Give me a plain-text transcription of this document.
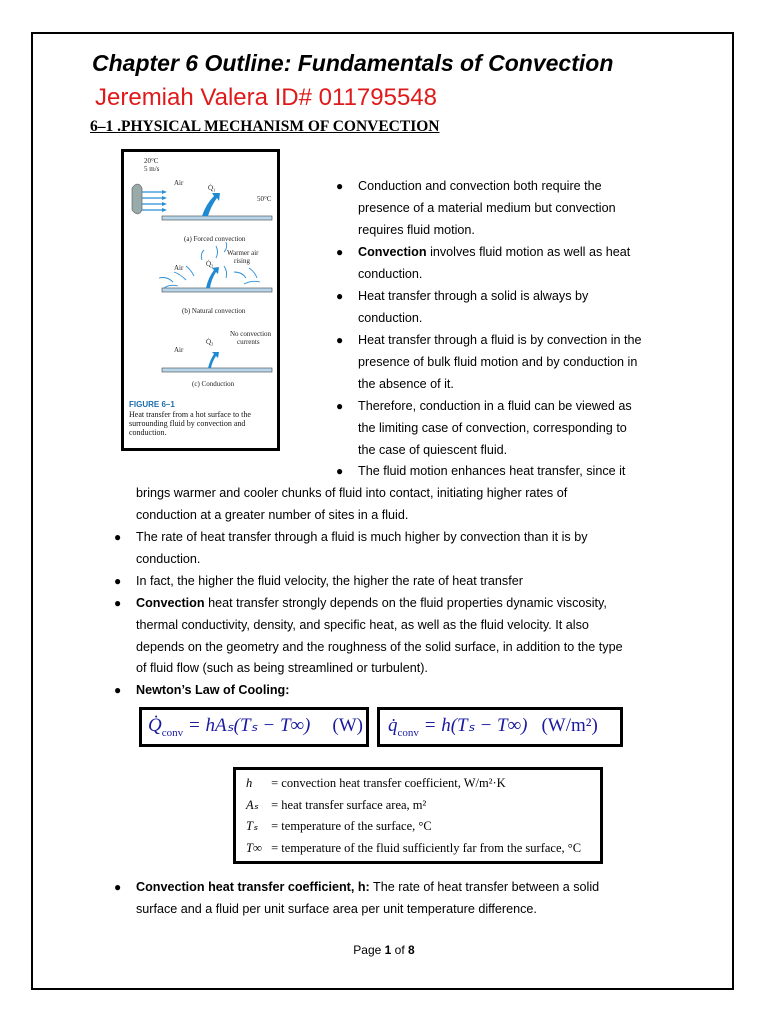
Chapter 6 Outline: Fundamentals of Convection
Jeremiah Valera ID# 011795548
6–1 .PHYSICAL MECHANISM OF CONVECTION
20°C
5 m/s
Air
Q̇₁
50°C
(a) Forced convection
Warmer air
rising
Air	Q̇₂
(b) Natural convection
No convection
currents
Air
Q̇₃
(c) Conduction
FIGURE 6–1
Heat transfer from a hot surface to the surrounding fluid by convection and conduction.
● Conduction and convection both require the
presence of a material medium but convection
requires fluid motion.
● Convection involves fluid motion as well as heat
conduction.
● Heat transfer through a solid is always by
conduction.
● Heat transfer through a fluid is by convection in the
presence of bulk fluid motion and by conduction in
the absence of it.
● Therefore, conduction in a fluid can be viewed as
the limiting case of convection, corresponding to
the case of quiescent fluid.
● The fluid motion enhances heat transfer, since it
brings warmer and cooler chunks of fluid into contact, initiating higher rates of
conduction at a greater number of sites in a fluid.
● The rate of heat transfer through a fluid is much higher by convection than it is by
conduction.
● In fact, the higher the fluid velocity, the higher the rate of heat transfer
● Convection heat transfer strongly depends on the fluid properties dynamic viscosity,
thermal conductivity, density, and specific heat, as well as the fluid velocity. It also
depends on the geometry and the roughness of the solid surface, in addition to the type
of fluid flow (such as being streamlined or turbulent).
● Newton’s Law of Cooling:
$Q̇_{conv} = hA_s(T_s - T\infty)$ (W)	$q̇_{conv} = h(T_s - T\infty)$ (W/m²)
h = convection heat transfer coefficient, W/m²·K
Aₛ = heat transfer surface area, m²
Tₛ = temperature of the surface, °C
T∞ = temperature of the fluid sufficiently far from the surface, °C
● Convection heat transfer coefficient, h: The rate of heat transfer between a solid
surface and a fluid per unit surface area per unit temperature difference.
Page 1 of 8
